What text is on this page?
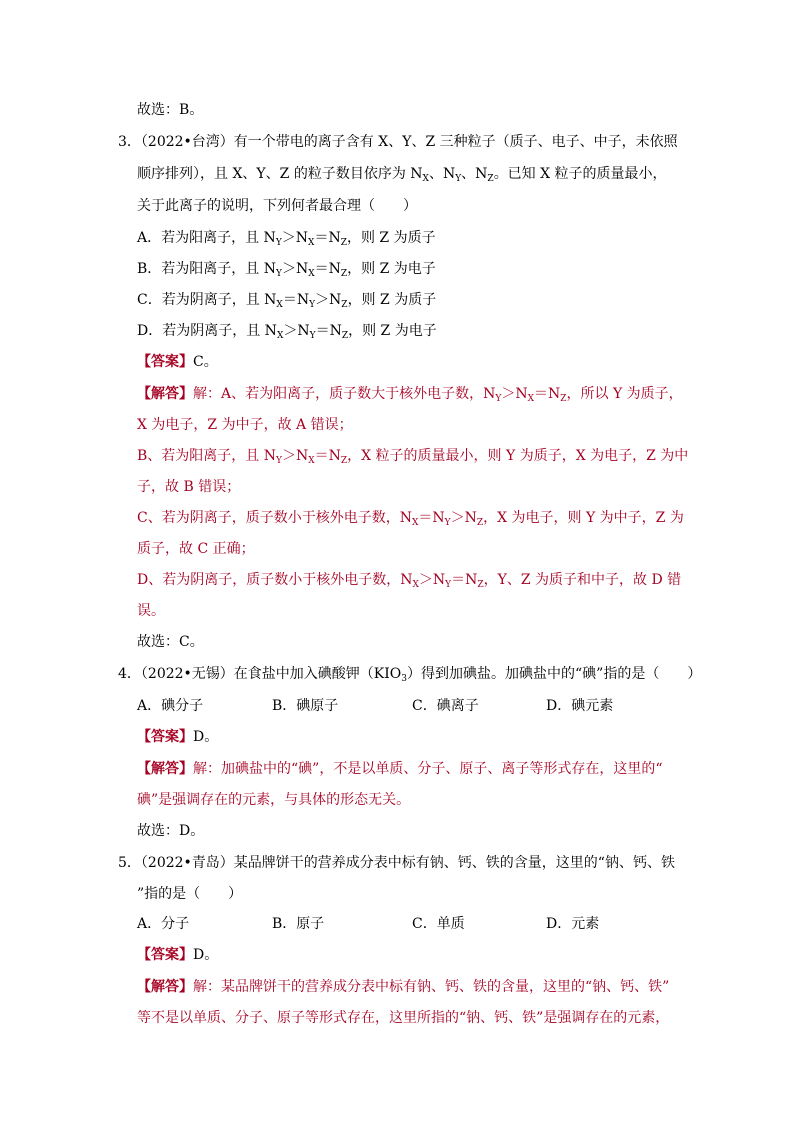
故选：B。
3．（2022•台湾）有一个带电的离子含有 X、Y、Z 三种粒子（质子、电子、中子，未依照
顺序排列），且 X、Y、Z 的粒子数目依序为 $N_X$、$N_Y$、$N_Z$。已知 X 粒子的质量最小，
关于此离子的说明，下列何者最合理（　　）
A．若为阳离子，且 $N_Y>N_X=N_Z$，则 Z 为质子
B．若为阳离子，且 $N_Y>N_X=N_Z$，则 Z 为电子
C．若为阴离子，且 $N_X=N_Y>N_Z$，则 Z 为质子
D．若为阴离子，且 $N_X>N_Y=N_Z$，则 Z 为电子
【答案】C。
【解答】解：A、若为阳离子，质子数大于核外电子数，$N_Y>N_X=N_Z$，所以 Y 为质子，
X 为电子，Z 为中子，故 A 错误；
B、若为阳离子，且 $N_Y>N_X=N_Z$，X 粒子的质量最小，则 Y 为质子，X 为电子，Z 为中
子，故 B 错误；
C、若为阴离子，质子数小于核外电子数，$N_X=N_Y>N_Z$，X 为电子，则 Y 为中子，Z 为
质子，故 C 正确；
D、若为阴离子，质子数小于核外电子数，$N_X>N_Y=N_Z$，Y、Z 为质子和中子，故 D 错
误。
故选：C。
4．（2022•无锡）在食盐中加入碘酸钾$(KIO_3)$得到加碘盐。加碘盐中的“碘”指的是（　　）
A．碘分子	B．碘原子	C．碘离子	D．碘元素
【答案】D。
【解答】解：加碘盐中的“碘”，不是以单质、分子、原子、离子等形式存在，这里的“
碘”是强调存在的元素，与具体的形态无关。
故选：D。
5．（2022•青岛）某品牌饼干的营养成分表中标有钠、钙、铁的含量，这里的“钠、钙、铁
”指的是（　　）
A．分子	B．原子	C．单质	D．元素
【答案】D。
【解答】解：某品牌饼干的营养成分表中标有钠、钙、铁的含量，这里的“钠、钙、铁”
等不是以单质、分子、原子等形式存在，这里所指的“钠、钙、铁”是强调存在的元素，
